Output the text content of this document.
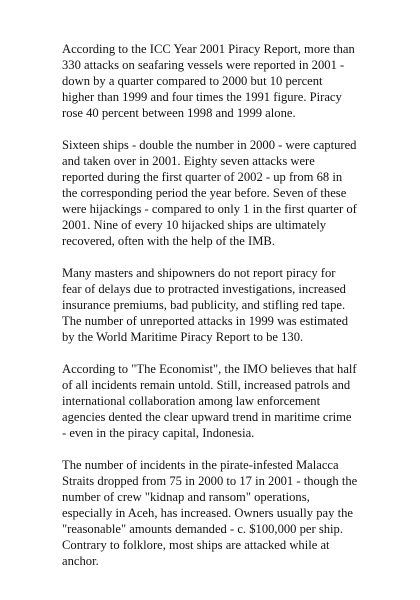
According to the ICC Year 2001 Piracy Report, more than
330 attacks on seafaring vessels were reported in 2001 -
down by a quarter compared to 2000 but 10 percent
higher than 1999 and four times the 1991 figure. Piracy
rose 40 percent between 1998 and 1999 alone.

Sixteen ships - double the number in 2000 - were captured
and taken over in 2001. Eighty seven attacks were
reported during the first quarter of 2002 - up from 68 in
the corresponding period the year before. Seven of these
were hijackings - compared to only 1 in the first quarter of
2001. Nine of every 10 hijacked ships are ultimately
recovered, often with the help of the IMB.

Many masters and shipowners do not report piracy for
fear of delays due to protracted investigations, increased
insurance premiums, bad publicity, and stifling red tape.
The number of unreported attacks in 1999 was estimated
by the World Maritime Piracy Report to be 130.

According to "The Economist", the IMO believes that half
of all incidents remain untold. Still, increased patrols and
international collaboration among law enforcement
agencies dented the clear upward trend in maritime crime
- even in the piracy capital, Indonesia.

The number of incidents in the pirate-infested Malacca
Straits dropped from 75 in 2000 to 17 in 2001 - though the
number of crew "kidnap and ransom" operations,
especially in Aceh, has increased. Owners usually pay the
"reasonable" amounts demanded - c. $100,000 per ship.
Contrary to folklore, most ships are attacked while at
anchor.
